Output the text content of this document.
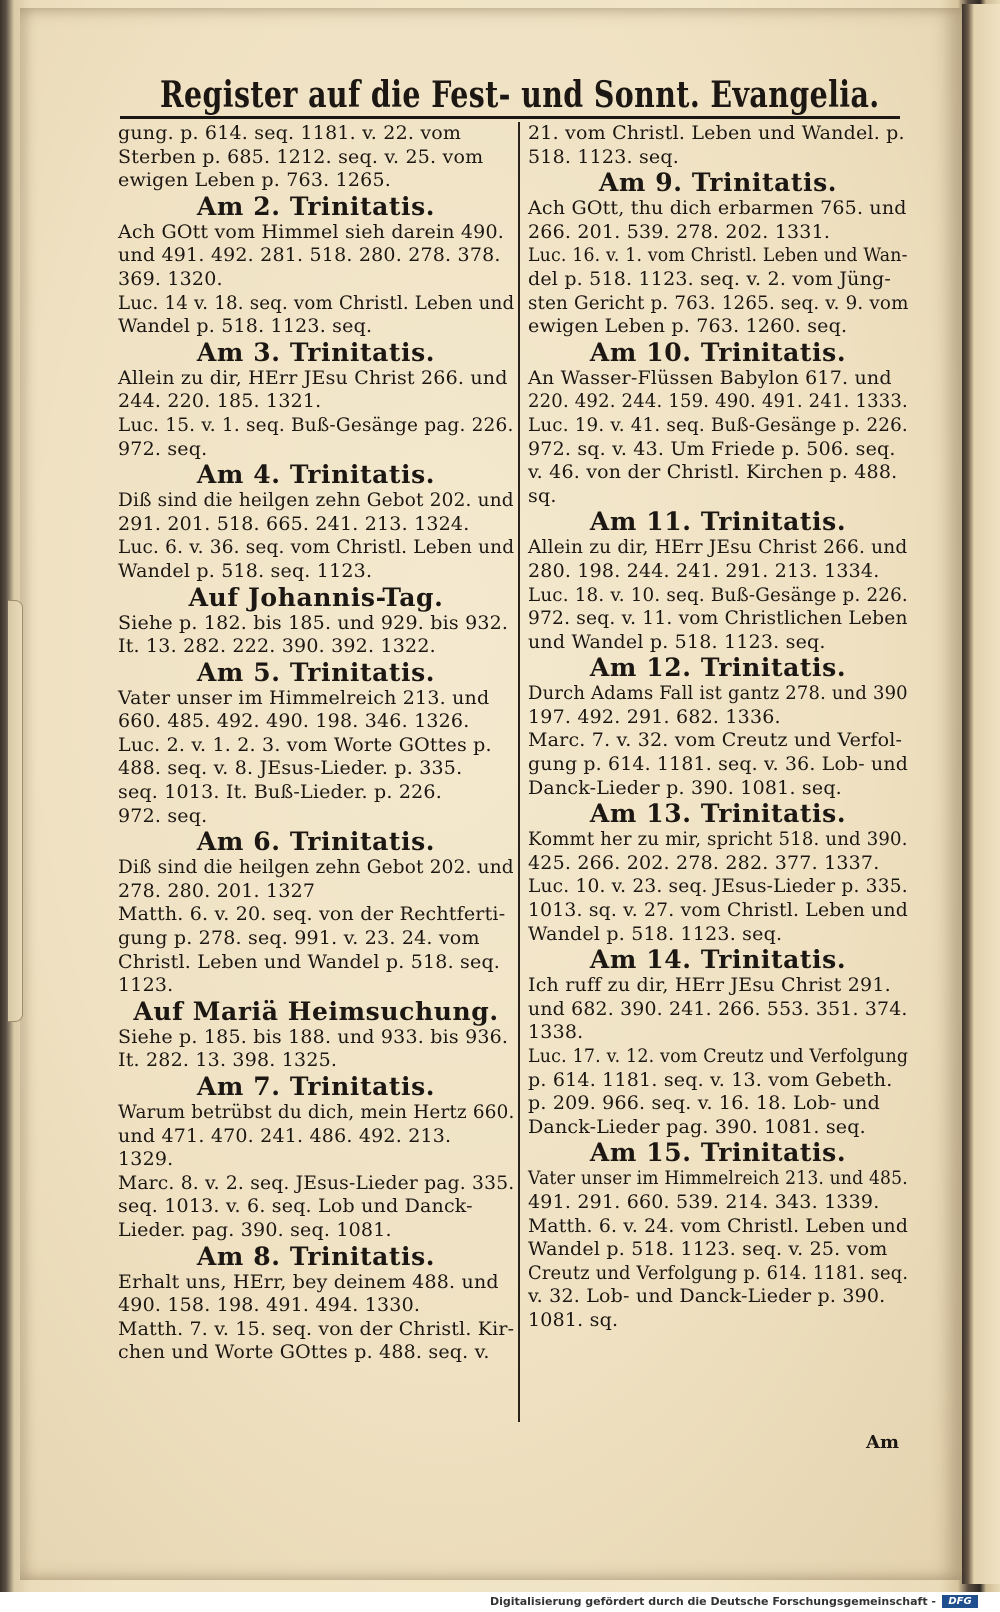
Register auf die Fest- und Sonnt. Evangelia.
gung. p. 614. seq. 1181. v. 22. vom
Sterben p. 685. 1212. seq. v. 25. vom
ewigen Leben p. 763. 1265.
Am 2. Trinitatis.
Ach GOtt vom Himmel sieh darein 490.
und 491. 492. 281. 518. 280. 278. 378.
369. 1320.
Luc. 14 v. 18. seq. vom Christl. Leben und
Wandel p. 518. 1123. seq.
Am 3. Trinitatis.
Allein zu dir, HErr JEsu Christ 266. und
244. 220. 185. 1321.
Luc. 15. v. 1. seq. Buß-Gesänge pag. 226.
972. seq.
Am 4. Trinitatis.
Diß sind die heilgen zehn Gebot 202. und
291. 201. 518. 665. 241. 213. 1324.
Luc. 6. v. 36. seq. vom Christl. Leben und
Wandel p. 518. seq. 1123.
Auf Johannis-Tag.
Siehe p. 182. bis 185. und 929. bis 932.
It. 13. 282. 222. 390. 392. 1322.
Am 5. Trinitatis.
Vater unser im Himmelreich 213. und
660. 485. 492. 490. 198. 346. 1326.
Luc. 2. v. 1. 2. 3. vom Worte GOttes p.
488. seq. v. 8. JEsus-Lieder. p. 335.
seq. 1013. It. Buß-Lieder. p. 226.
972. seq.
Am 6. Trinitatis.
Diß sind die heilgen zehn Gebot 202. und
278. 280. 201. 1327
Matth. 6. v. 20. seq. von der Rechtferti-
gung p. 278. seq. 991. v. 23. 24. vom
Christl. Leben und Wandel p. 518. seq.
1123.
Auf Mariä Heimsuchung.
Siehe p. 185. bis 188. und 933. bis 936.
It. 282. 13. 398. 1325.
Am 7. Trinitatis.
Warum betrübst du dich, mein Hertz 660.
und 471. 470. 241. 486. 492. 213.
1329.
Marc. 8. v. 2. seq. JEsus-Lieder pag. 335.
seq. 1013. v. 6. seq. Lob und Danck-
Lieder. pag. 390. seq. 1081.
Am 8. Trinitatis.
Erhalt uns, HErr, bey deinem 488. und
490. 158. 198. 491. 494. 1330.
Matth. 7. v. 15. seq. von der Christl. Kir-
chen und Worte GOttes p. 488. seq. v.
21. vom Christl. Leben und Wandel. p.
518. 1123. seq.
Am 9. Trinitatis.
Ach GOtt, thu dich erbarmen 765. und
266. 201. 539. 278. 202. 1331.
Luc. 16. v. 1. vom Christl. Leben und Wan-
del p. 518. 1123. seq. v. 2. vom Jüng-
sten Gericht p. 763. 1265. seq. v. 9. vom
ewigen Leben p. 763. 1260. seq.
Am 10. Trinitatis.
An Wasser-Flüssen Babylon 617. und
220. 492. 244. 159. 490. 491. 241. 1333.
Luc. 19. v. 41. seq. Buß-Gesänge p. 226.
972. sq. v. 43. Um Friede p. 506. seq.
v. 46. von der Christl. Kirchen p. 488.
sq.
Am 11. Trinitatis.
Allein zu dir, HErr JEsu Christ 266. und
280. 198. 244. 241. 291. 213. 1334.
Luc. 18. v. 10. seq. Buß-Gesänge p. 226.
972. seq. v. 11. vom Christlichen Leben
und Wandel p. 518. 1123. seq.
Am 12. Trinitatis.
Durch Adams Fall ist gantz 278. und 390
197. 492. 291. 682. 1336.
Marc. 7. v. 32. vom Creutz und Verfol-
gung p. 614. 1181. seq. v. 36. Lob- und
Danck-Lieder p. 390. 1081. seq.
Am 13. Trinitatis.
Kommt her zu mir, spricht 518. und 390.
425. 266. 202. 278. 282. 377. 1337.
Luc. 10. v. 23. seq. JEsus-Lieder p. 335.
1013. sq. v. 27. vom Christl. Leben und
Wandel p. 518. 1123. seq.
Am 14. Trinitatis.
Ich ruff zu dir, HErr JEsu Christ 291.
und 682. 390. 241. 266. 553. 351. 374.
1338.
Luc. 17. v. 12. vom Creutz und Verfolgung
p. 614. 1181. seq. v. 13. vom Gebeth.
p. 209. 966. seq. v. 16. 18. Lob- und
Danck-Lieder pag. 390. 1081. seq.
Am 15. Trinitatis.
Vater unser im Himmelreich 213. und 485.
491. 291. 660. 539. 214. 343. 1339.
Matth. 6. v. 24. vom Christl. Leben und
Wandel p. 518. 1123. seq. v. 25. vom
Creutz und Verfolgung p. 614. 1181. seq.
v. 32. Lob- und Danck-Lieder p. 390.
1081. sq.
Am
Digitalisierung gefördert durch die Deutsche Forschungsgemeinschaft -	DFG
